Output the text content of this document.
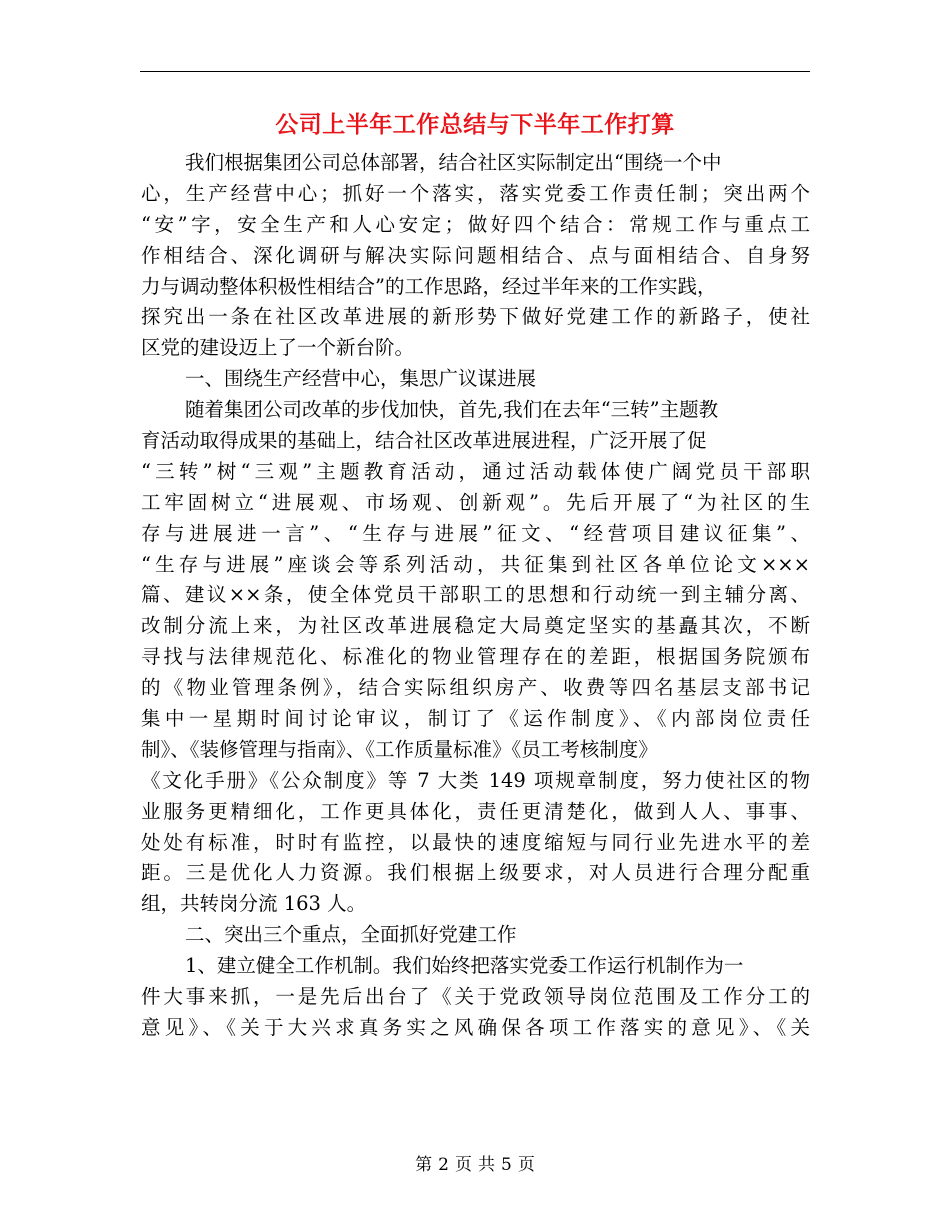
公司上半年工作总结与下半年工作打算
我们根据集团公司总体部署，结合社区实际制定出“围绕一个中
心，生产经营中心；抓好一个落实，落实党委工作责任制；突出两个
“安”字，安全生产和人心安定；做好四个结合：常规工作与重点工
作相结合、深化调研与解决实际问题相结合、点与面相结合、自身努
力与调动整体积极性相结合”的工作思路，经过半年来的工作实践，
探究出一条在社区改革进展的新形势下做好党建工作的新路子，使社
区党的建设迈上了一个新台阶。
一、围绕生产经营中心，集思广议谋进展
随着集团公司改革的步伐加快，首先,我们在去年“三转”主题教
育活动取得成果的基础上，结合社区改革进展进程，广泛开展了促
“三转”树“三观”主题教育活动，通过活动载体使广阔党员干部职
工牢固树立“进展观、市场观、创新观”。先后开展了“为社区的生
存与进展进一言”、“生存与进展”征文、“经营项目建议征集”、
“生存与进展”座谈会等系列活动，共征集到社区各单位论文×××
篇、建议××条，使全体党员干部职工的思想和行动统一到主辅分离、
改制分流上来，为社区改革进展稳定大局奠定坚实的基矗其次，不断
寻找与法律规范化、标准化的物业管理存在的差距，根据国务院颁布
的《物业管理条例》，结合实际组织房产、收费等四名基层支部书记
集中一星期时间讨论审议，制订了《运作制度》、《内部岗位责任
制》、《装修管理与指南》、《工作质量标准》《员工考核制度》
《文化手册》《公众制度》等 7 大类 149 项规章制度，努力使社区的物
业服务更精细化，工作更具体化，责任更清楚化，做到人人、事事、
处处有标准，时时有监控，以最快的速度缩短与同行业先进水平的差
距。三是优化人力资源。我们根据上级要求，对人员进行合理分配重
组，共转岗分流 163 人。
二、突出三个重点，全面抓好党建工作
1、建立健全工作机制。我们始终把落实党委工作运行机制作为一
件大事来抓，一是先后出台了《关于党政领导岗位范围及工作分工的
意见》、《关于大兴求真务实之风确保各项工作落实的意见》、《关
第 2 页 共 5 页
